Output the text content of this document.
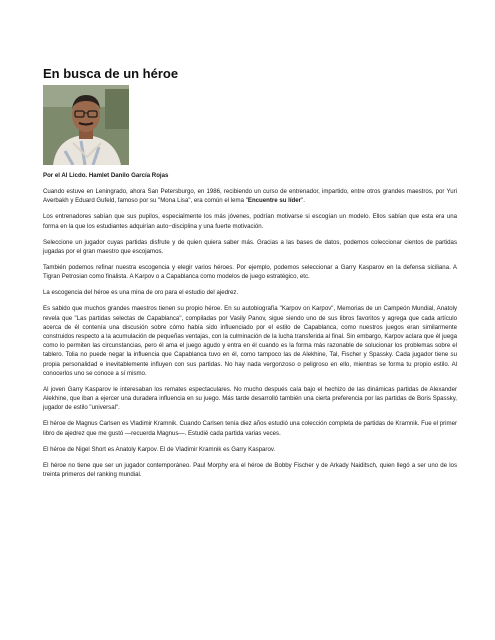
En busca de un héroe

Por el Al Licdo. Hamlet Danilo García Rojas

Cuando estuve en Leningrado, ahora San Petersburgo, en 1986, recibiendo un curso de entrenador, impartido, entre otros grandes maestros, por Yuri Averbakh y Eduard Gufeld, famoso por su "Mona Lisa", era común el lema "Encuentre su líder".

Los entrenadores sabían que sus pupilos, especialmente los más jóvenes, podrían motivarse si escogían un modelo. Ellos sabían que esta era una forma en la que los estudiantes adquirían auto−disciplina y una fuerte motivación.

Seleccione un jugador cuyas partidas disfrute y de quien quiera saber más. Gracias a las bases de datos, podemos coleccionar cientos de partidas jugadas por el gran maestro que escojamos.

También podemos refinar nuestra escogencia y elegir varios héroes. Por ejemplo, podemos seleccionar a Garry Kasparov en la defensa siciliana. A Tigran Petrosian como finalista. A Karpov o a Capablanca como modelos de juego estratégico, etc.

La escogencia del héroe es una mina de oro para el estudio del ajedrez.

Es sabido que muchos grandes maestros tienen su propio héroe. En su autobiografía "Karpov on Karpov", Memorias de un Campeón Mundial, Anatoly revela que "Las partidas selectas de Capablanca", compiladas por Vasily Panov, sigue siendo uno de sus libros favoritos y agrega que cada artículo acerca de él contenía una discusión sobre cómo había sido influenciado por el estilo de Capablanca, como nuestros juegos eran similarmente construidos respecto a la acumulación de pequeñas ventajas, con la culminación de la lucha transferida al final. Sin embargo, Karpov aclara que él juega como lo permiten las circunstancias, pero él ama el juego agudo y entra en él cuando es la forma más razonable de solucionar los problemas sobre el tablero. Tolia no puede negar la influencia que Capablanca tuvo en él, como tampoco las de Alekhine, Tal, Fischer y Spassky. Cada jugador tiene su propia personalidad e inevitablemente influyen con sus partidas. No hay nada vergonzoso o peligroso en ello, mientras se forma tu propio estilo. Al conocerlos uno se conoce a sí mismo.

Al joven Garry Kasparov le interesaban los remates espectaculares. No mucho después caía bajo el hechizo de las dinámicas partidas de Alexander Alekhine, que iban a ejercer una duradera influencia en su juego. Más tarde desarrolló también una cierta preferencia por las partidas de Boris Spassky, jugador de estilo "universal".

El héroe de Magnus Carlsen es Vladimir Kramnik. Cuando Carlsen tenía diez años estudió una colección completa de partidas de Kramnik. Fue el primer libro de ajedrez que me gustó —recuerda Magnus—. Estudié cada partida varias veces.

El héroe de Nigel Short es Anatoly Karpov. El de Vladimir Kramnik es Garry Kasparov.

El héroe no tiene que ser un jugador contemporáneo. Paul Morphy era el héroe de Bobby Fischer y de Arkady Naiditsch, quien llegó a ser uno de los treinta primeros del ranking mundial.
